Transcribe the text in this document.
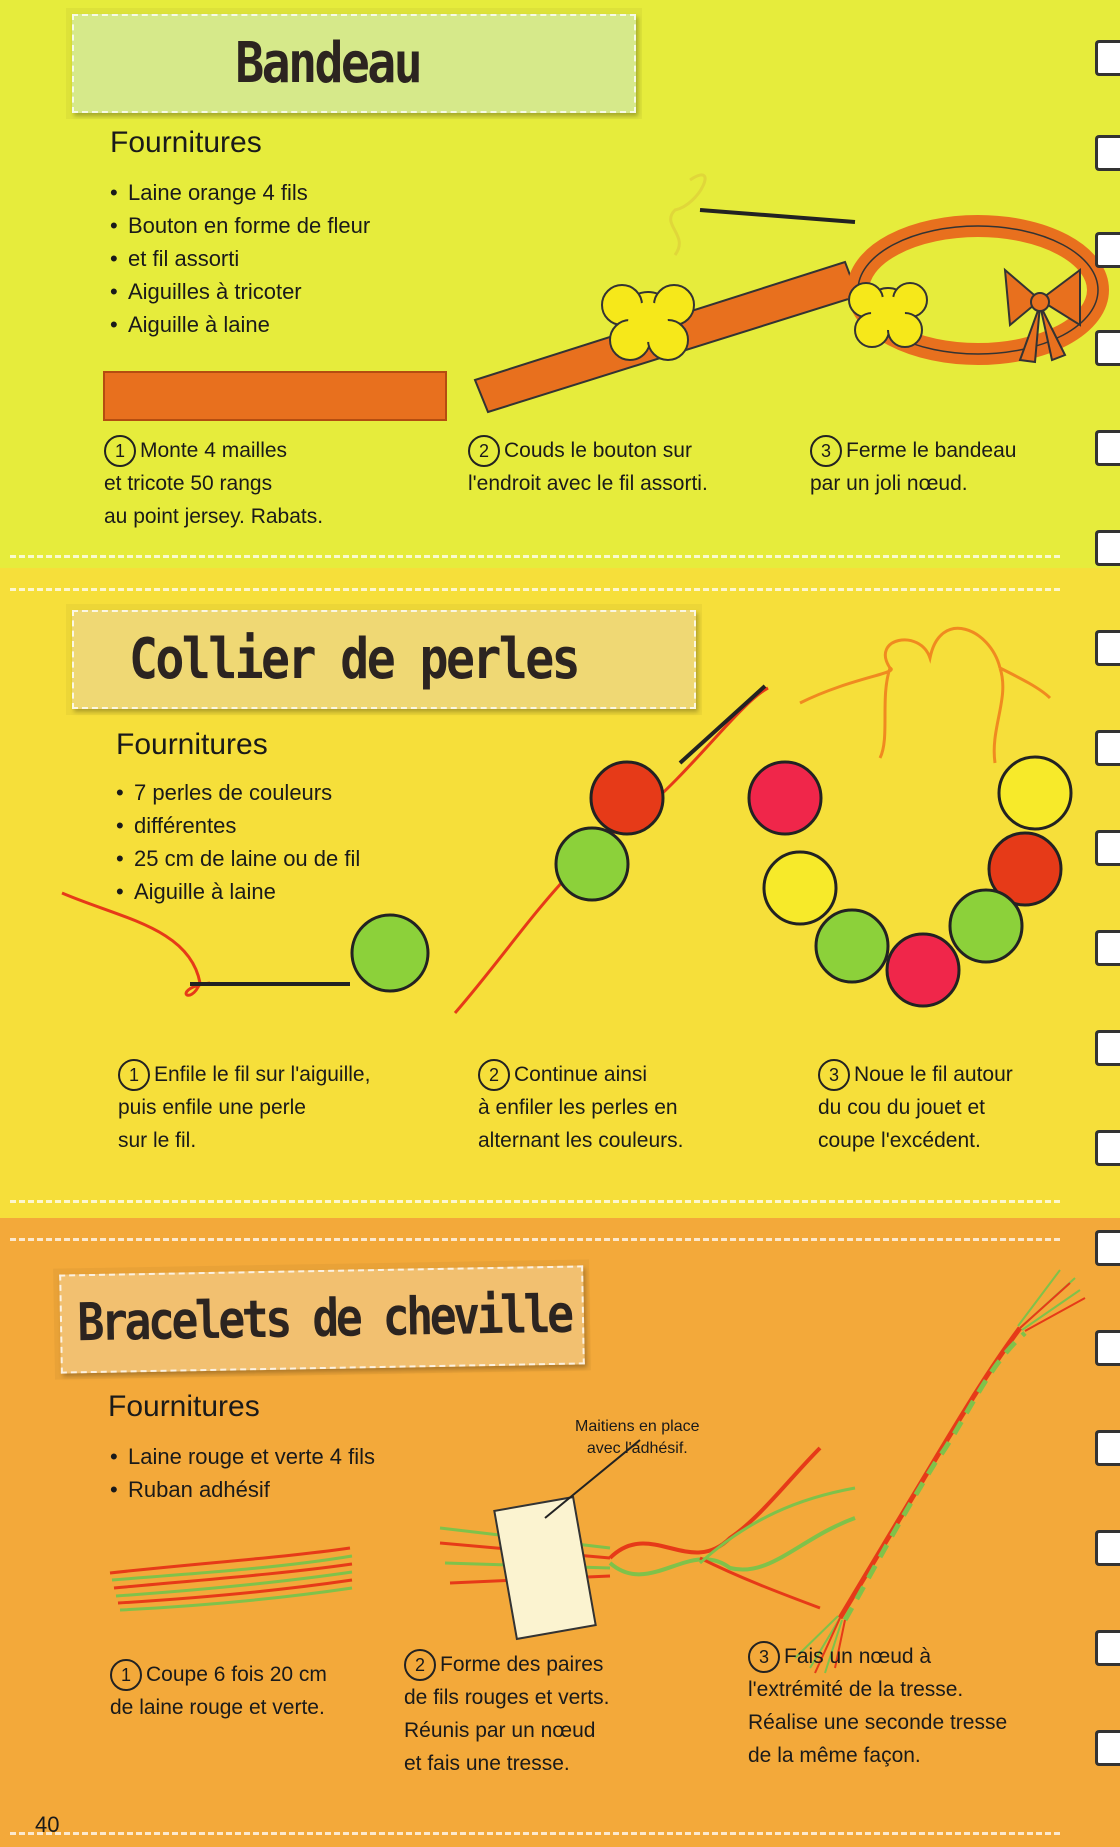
Bandeau
Fournitures
• Laine orange 4 fils
• Bouton en forme de fleur
• et fil assorti
• Aiguilles à tricoter
• Aiguille à laine

1 Monte 4 mailles

et tricote 50 rangs

au point jersey. Rabats.

2 Couds le bouton sur

l'endroit avec le fil assorti.

3 Ferme le bandeau

par un joli nœud.

Collier de perles
Fournitures
• 7 perles de couleurs
• différentes
• 25 cm de laine ou de fil
• Aiguille à laine

1 Enfile le fil sur l'aiguille,

puis enfile une perle

sur le fil.

2 Continue ainsi

à enfiler les perles en

alternant les couleurs.

3 Noue le fil autour

du cou du jouet et

coupe l'excédent.

Bracelets de cheville
Fournitures
• Laine rouge et verte 4 fils
• Ruban adhésif
Maitiens en place
avec l'adhésif.

1 Coupe 6 fois 20 cm

de laine rouge et verte.

2 Forme des paires

de fils rouges et verts.

Réunis par un nœud

et fais une tresse.

3 Fais un nœud à

l'extrémité de la tresse.

Réalise une seconde tresse

de la même façon.

40
